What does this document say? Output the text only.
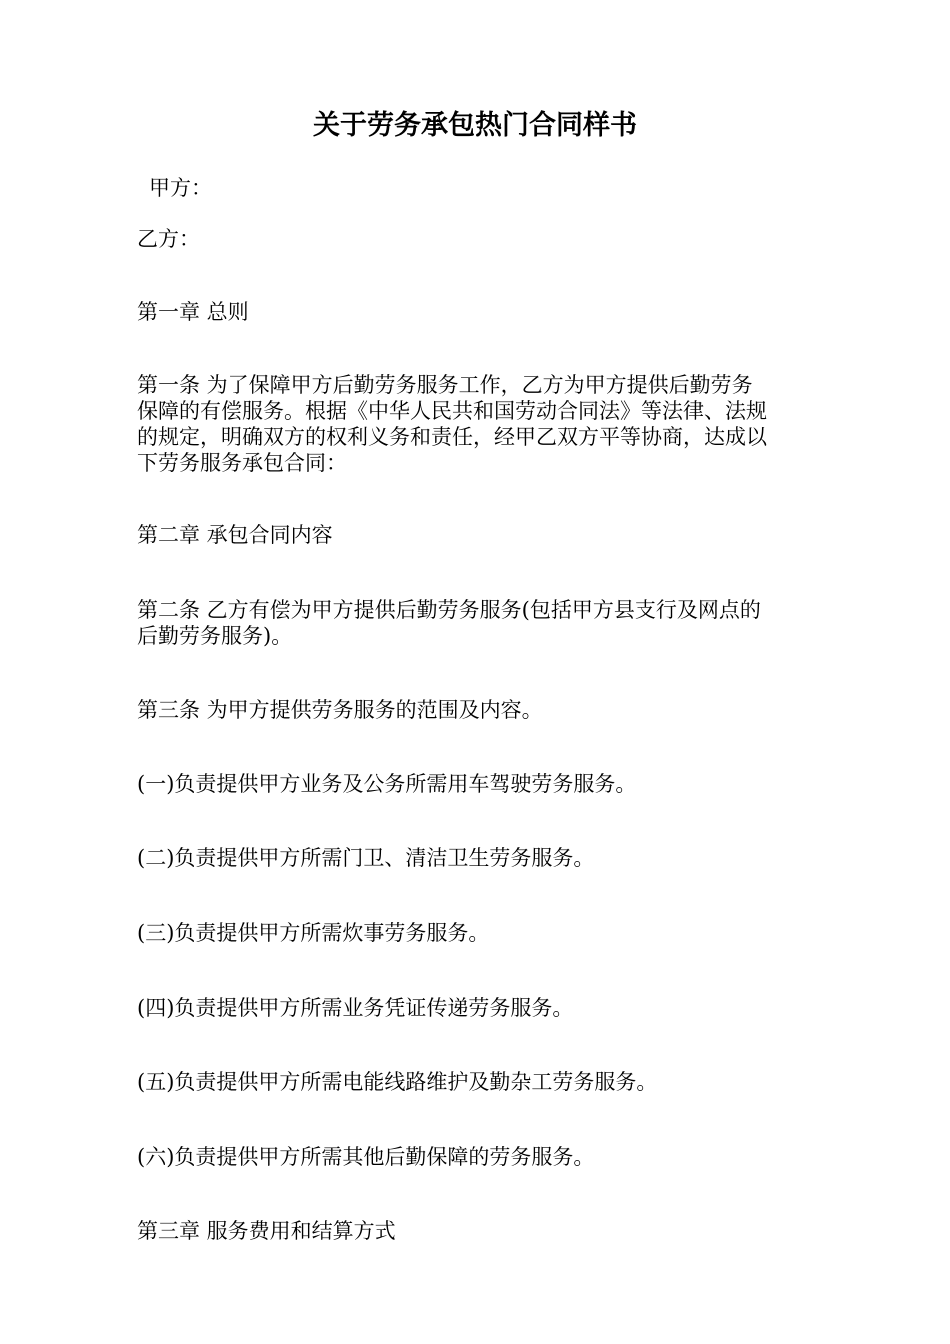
关于劳务承包热门合同样书
甲方：
乙方：
第一章 总则
第一条 为了保障甲方后勤劳务服务工作，乙方为甲方提供后勤劳务
保障的有偿服务。根据《中华人民共和国劳动合同法》等法律、法规
的规定，明确双方的权利义务和责任，经甲乙双方平等协商，达成以
下劳务服务承包合同：
第二章 承包合同内容
第二条 乙方有偿为甲方提供后勤劳务服务(包括甲方县支行及网点的
后勤劳务服务)。
第三条 为甲方提供劳务服务的范围及内容。
(一)负责提供甲方业务及公务所需用车驾驶劳务服务。
(二)负责提供甲方所需门卫、清洁卫生劳务服务。
(三)负责提供甲方所需炊事劳务服务。
(四)负责提供甲方所需业务凭证传递劳务服务。
(五)负责提供甲方所需电能线路维护及勤杂工劳务服务。
(六)负责提供甲方所需其他后勤保障的劳务服务。
第三章 服务费用和结算方式
